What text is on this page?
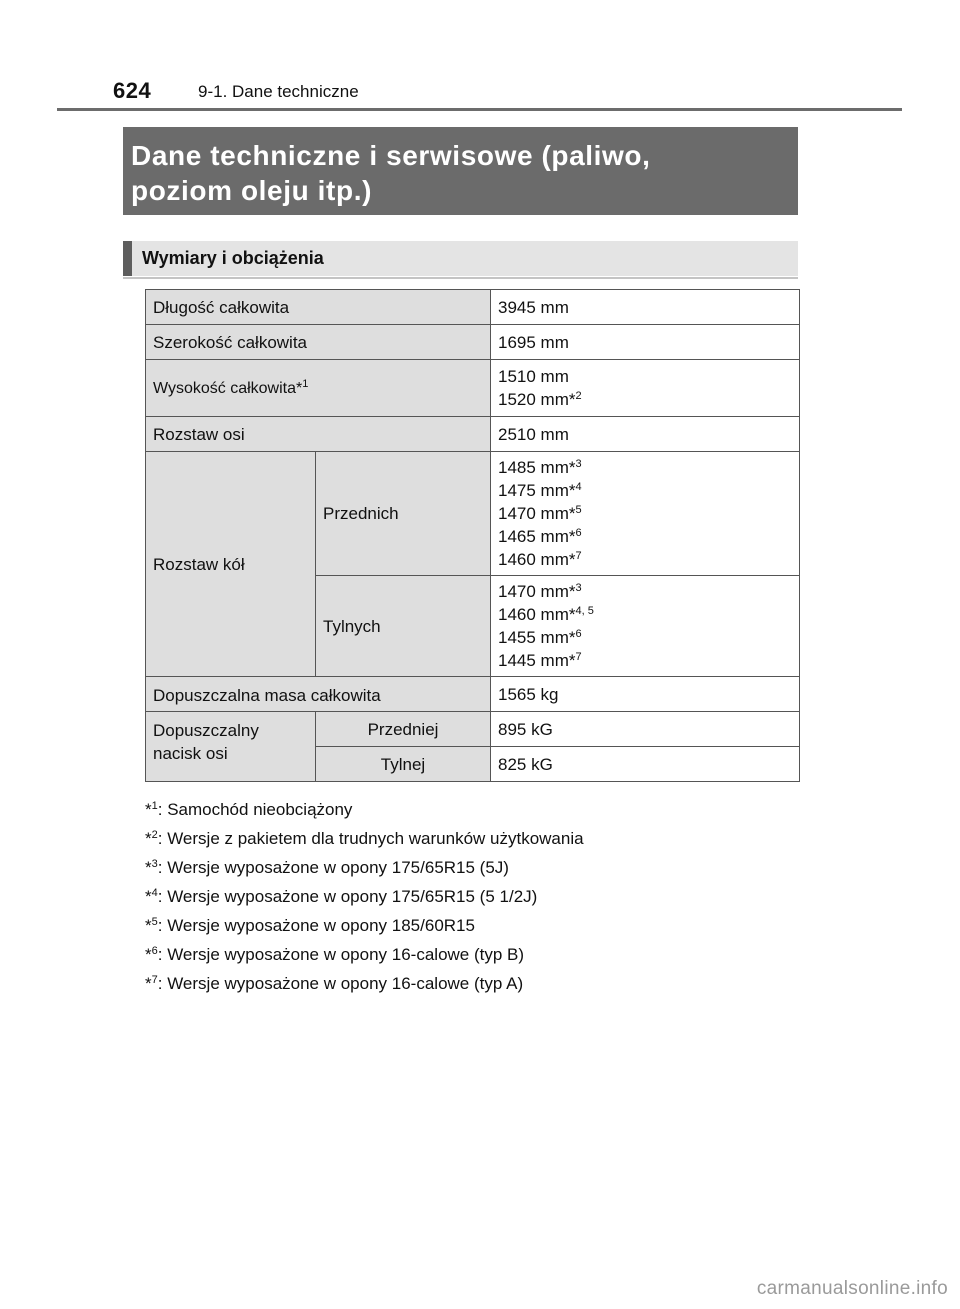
624	9-1. Dane techniczne
Dane techniczne i serwisowe (paliwo,
poziom oleju itp.)
Wymiary i obciążenia
Długość całkowita		3945 mm
Szerokość całkowita		1695 mm
Wysokość całkowita*$^1$		1510 mm
1520 mm*$^2$

Rozstaw osi		2510 mm
Rozstaw kół	Przednich	1485 mm*$^3$
1475 mm*$^4$
1470 mm*$^5$
1465 mm*$^6$
1460 mm*$^7$

	Tylnych	1470 mm*$^3$
1460 mm*$^{4, 5}$
1455 mm*$^6$
1445 mm*$^7$

Dopuszczalna masa całkowita		1565 kg

Dopuszczalny
nacisk osi	Przedniej	895 kG
	Tylnej	825 kG
*$^1$: Samochód nieobciążony
*$^2$: Wersje z pakietem dla trudnych warunków użytkowania
*$^3$: Wersje wyposażone w opony 175/65R15 (5J)
*$^4$: Wersje wyposażone w opony 175/65R15 (5 1/2J)
*$^5$: Wersje wyposażone w opony 185/60R15
*$^6$: Wersje wyposażone w opony 16-calowe (typ B)
*$^7$: Wersje wyposażone w opony 16-calowe (typ A)
carmanualsonline.info
